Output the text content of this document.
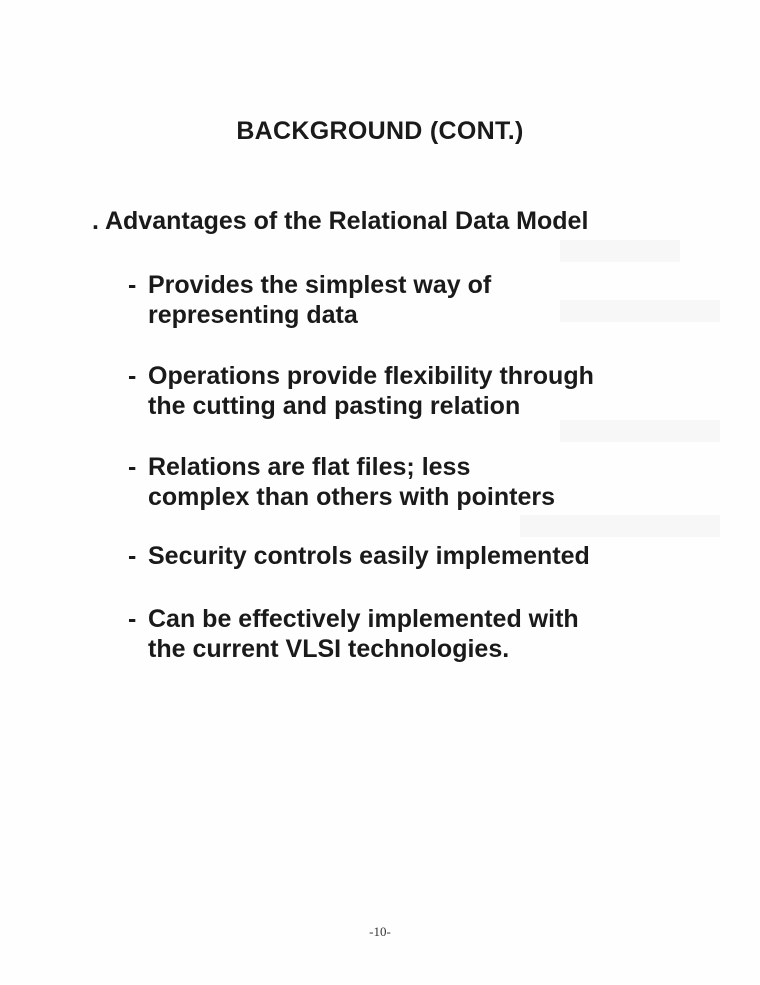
BACKGROUND (CONT.)

. Advantages of the Relational Data Model

- Provides the simplest way of
representing data

- Operations provide flexibility through
the cutting and pasting relation

- Relations are flat files; less
complex than others with pointers

- Security controls easily implemented

- Can be effectively implemented with
the current VLSI technologies.

-10-
